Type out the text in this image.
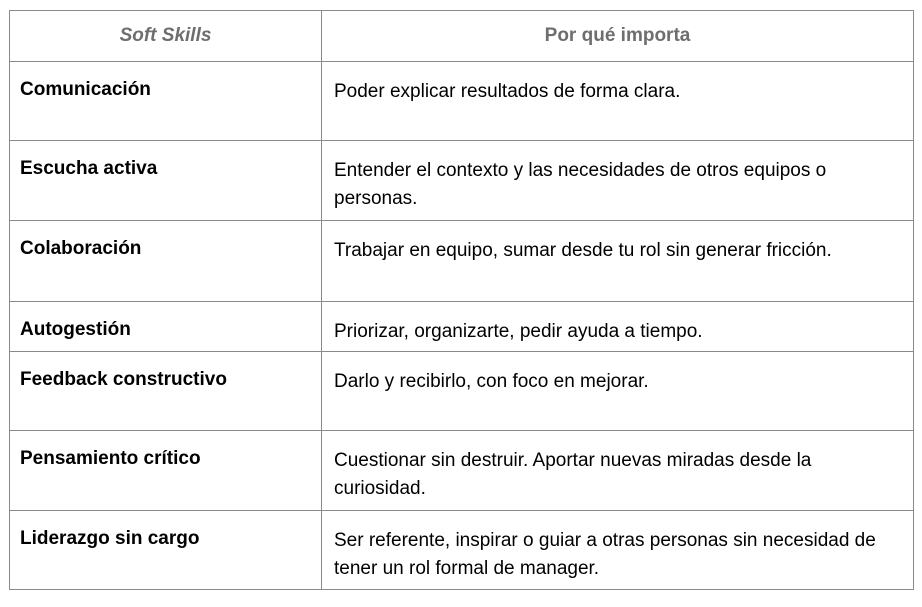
Soft Skills	Por qué importa
Comunicación	Poder explicar resultados de forma clara.
Escucha activa	Entender el contexto y las necesidades de otros equipos o personas.
Colaboración	Trabajar en equipo, sumar desde tu rol sin generar fricción.
Autogestión	Priorizar, organizarte, pedir ayuda a tiempo.
Feedback constructivo	Darlo y recibirlo, con foco en mejorar.
Pensamiento crítico	Cuestionar sin destruir. Aportar nuevas miradas desde la curiosidad.
Liderazgo sin cargo	Ser referente, inspirar o guiar a otras personas sin necesidad de tener un rol formal de manager.
